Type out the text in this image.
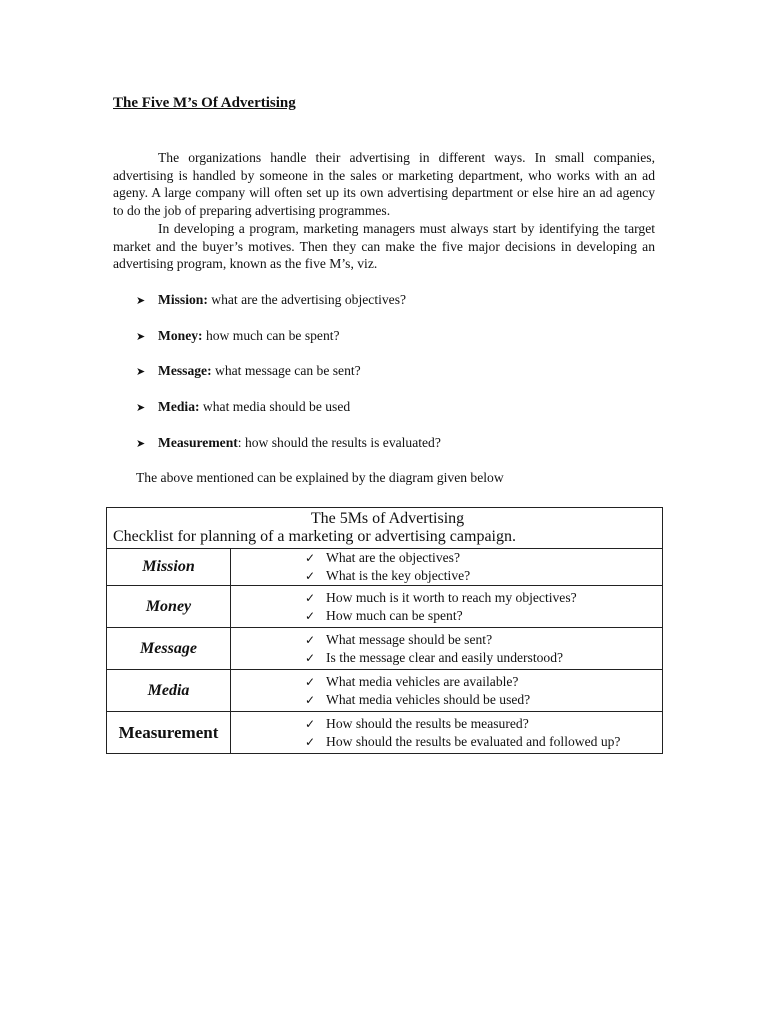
The Five M’s Of Advertising

The organizations handle their advertising in different ways. In small companies, advertising is handled by someone in the sales or marketing department, who works with an ad ageny. A large company will often set up its own advertising department or else hire an ad agency to do the job of preparing advertising programmes.

In developing a program, marketing managers must always start by identifying the target market and the buyer’s motives. Then they can make the five major decisions in developing an advertising program, known as the five M’s, viz.

➤ Mission: what are the advertising objectives?
➤ Money: how much can be spent?
➤ Message: what message can be sent?
➤ Media: what media should be used
➤ Measurement: how should the results is evaluated?
The above mentioned can be explained by the diagram given below
The 5Ms of Advertising
Checklist for planning of a marketing or advertising campaign.	
Mission	✓ What are the objectives?
✓ What is the key objective?

Money	✓ How much is it worth to reach my objectives?
✓ How much can be spent?

Message	✓ What message should be sent?
✓ Is the message clear and easily understood?

Media	✓ What media vehicles are available?
✓ What media vehicles should be used?

Measurement	✓ How should the results be measured?
✓ How should the results be evaluated and followed up?
